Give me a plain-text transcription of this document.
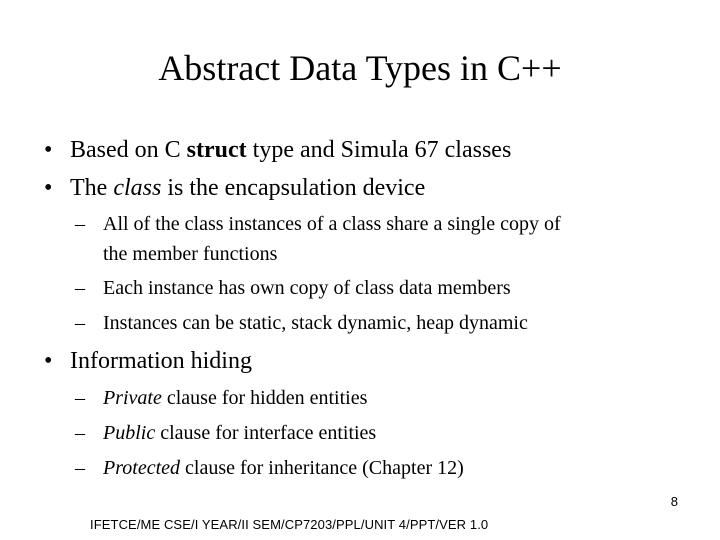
Abstract Data Types in C++
• Based on C struct type and Simula 67 classes
• The class is the encapsulation device
– All of the class instances of a class share a single copy of
the member functions
– Each instance has own copy of class data members
– Instances can be static, stack dynamic, heap dynamic
• Information hiding
– Private clause for hidden entities
– Public clause for interface entities
– Protected clause for inheritance (Chapter 12)
8
IFETCE/ME CSE/I YEAR/II SEM/CP7203/PPL/UNIT 4/PPT/VER 1.0
